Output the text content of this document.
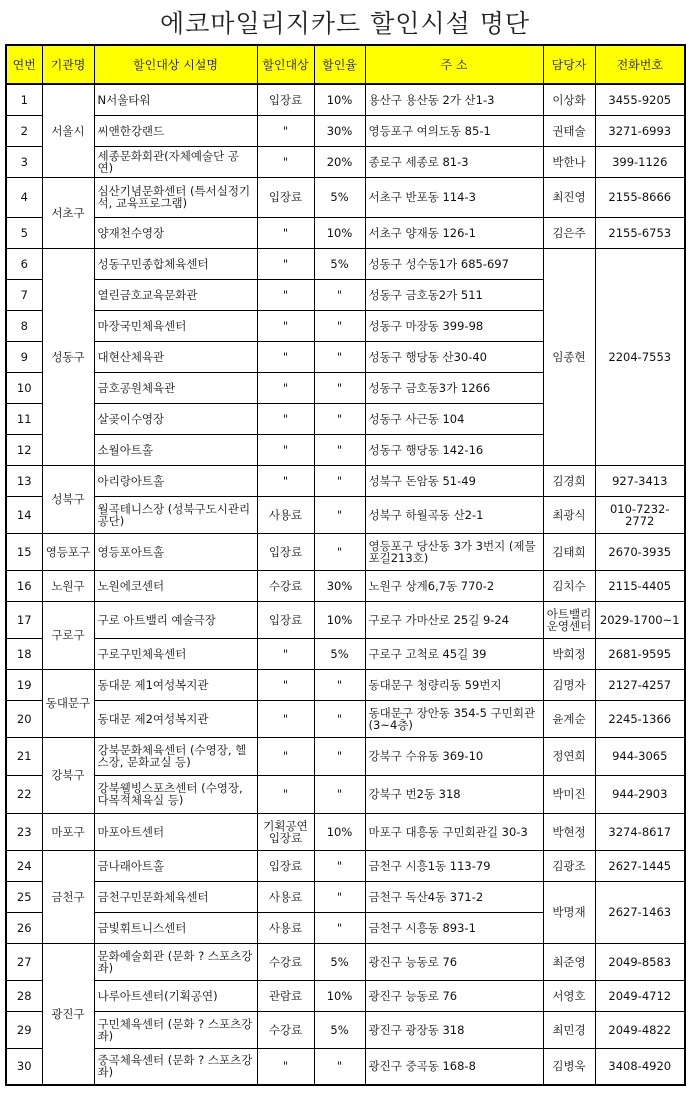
에코마일리지카드 할인시설 명단
연번	기관명	할인대상 시설명	할인대상	할인율	주 소	담당자	전화번호
1	서울시	N서울타워	입장료	10%	용산구 용산동 2가 산1-3	이상화	3455-9205
2		씨앤한강랜드	"	30%	영등포구 여의도동 85-1	권태술	3271-6993
3		세종문화회관(자체예술단 공연)	"	20%	종로구 세종로 81-3	박한나	399-1126
4	서초구	심산기념문화센터 (특서실정기석, 교육프로그램)	입장료	5%	서초구 반포동 114-3	최진영	2155-8666
5		양재천수영장	"	10%	서초구 양재동 126-1	김은주	2155-6753
6	성동구	성동구민종합체육센터	"	5%	성동구 성수동1가 685-697	임종현	2204-7553
7		열린금호교육문화관	"	"	성동구 금호동2가 511		
8		마장국민체육센터	"	"	성동구 마장동 399-98		
9		대현산체육관	"	"	성동구 행당동 산30-40		
10		금호공원체육관	"	"	성동구 금호동3가 1266		
11		살곶이수영장	"	"	성동구 사근동 104		
12		소월아트홀	"	"	성동구 행당동 142-16		
13	성북구	아리랑아트홀	"	"	성북구 돈암동 51-49	김경희	927-3413
14		월곡테니스장 (성북구도시관리공단)	사용료	"	성북구 하월곡동 산2-1	최광식	010-7232-2772
15	영등포구	영등포아트홀	입장료	"	영등포구 당산동 3가 3번지 (제물포길213호)	김태희	2670-3935
16	노원구	노원에코센터	수강료	30%	노원구 상계6,7동 770-2	김치수	2115-4405
17	구로구	구로 아트밸리 예술극장	입장료	10%	구로구 가마산로 25길 9-24	아트밸리 운영센터	2029-1700~1
18		구로구민체육센터	"	5%	구로구 고척로 45길 39	박희정	2681-9595
19	동대문구	동대문 제1여성복지관	"	"	동대문구 청량리동 59번지	김명자	2127-4257
20		동대문 제2여성복지관	"	"	동대문구 장안동 354-5 구민회관(3~4층)	윤계순	2245-1366
21	강북구	강북문화체육센터 (수영장, 헬스장, 문화교실 등)	"	"	강북구 수유동 369-10	정연희	944-3065
22		강북웰빙스포츠센터 (수영장, 다목적체육실 등)	"	"	강북구 번2동 318	박미진	944-2903
23	마포구	마포아트센터	기획공연 입장료	10%	마포구 대흥동 구민회관길 30-3	박현정	3274-8617
24	금천구	금나래아트홀	입장료	"	금천구 시흥1동 113-79	김광조	2627-1445
25		금천구민문화체육센터	사용료	"	금천구 독산4동 371-2	박명재	2627-1463
26		금빛휘트니스센터	사용료	"	금천구 시흥동 893-1		
27	광진구	문화예술회관 (문화 ? 스포츠강좌)	수강료	5%	광진구 능동로 76	최준영	2049-8583
28		나루아트센터(기획공연)	관람료	10%	광진구 능동로 76	서영호	2049-4712
29		구민체육센터 (문화 ? 스포츠강좌)	수강료	5%	광진구 광장동 318	최민경	2049-4822
30		중곡체육센터 (문화 ? 스포츠강좌)	"	"	광진구 중곡동 168-8	김병욱	3408-4920
